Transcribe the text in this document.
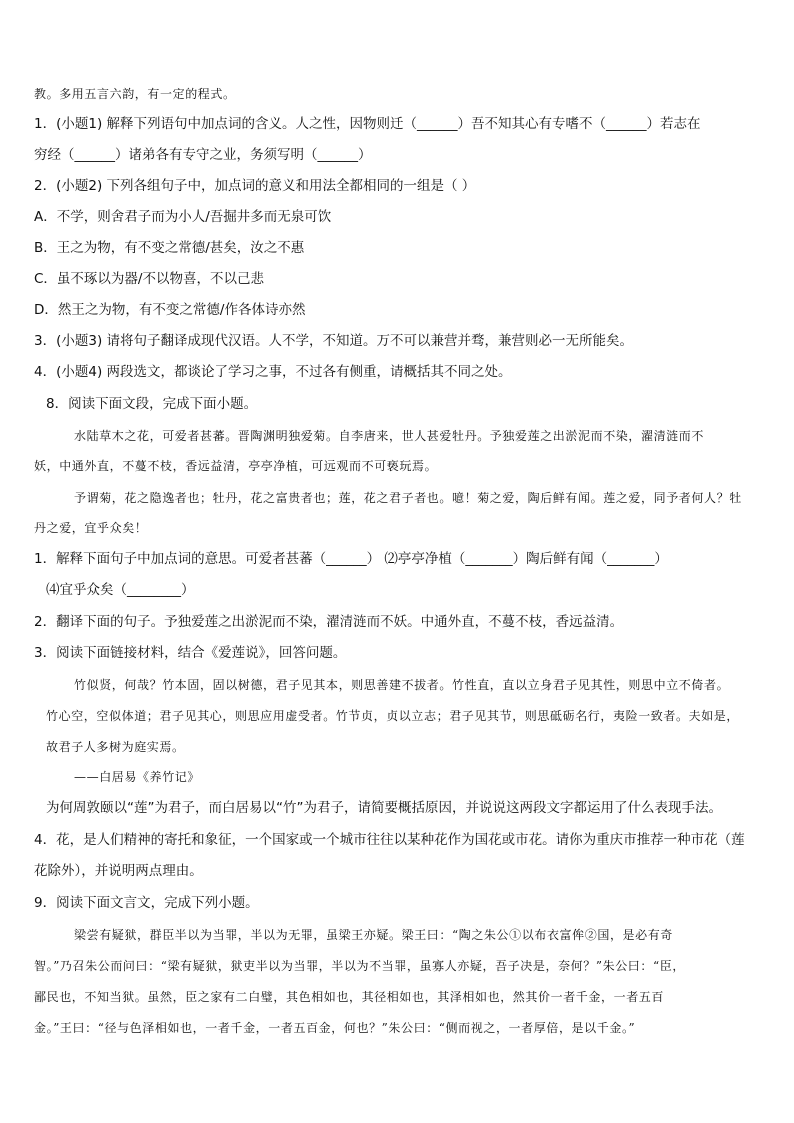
教。多用五言六韵，有一定的程式。
1．(小题1) 解释下列语句中加点词的含义。人之性，因物则迁（______）吾不知其心有专嗜不（______）若志在
穷经（______）诸弟各有专守之业，务须写明（______）
2．(小题2) 下列各组句子中，加点词的意义和用法全都相同的一组是（ ）
A．不学，则舍君子而为小人/吾掘井多而无泉可饮
B．王之为物，有不变之常德/甚矣，汝之不惠
C．虽不琢以为器/不以物喜，不以己悲
D．然王之为物，有不变之常德/作各体诗亦然
3．(小题3) 请将句子翻译成现代汉语。人不学，不知道。万不可以兼营并骛，兼营则必一无所能矣。
4．(小题4) 两段选文，都谈论了学习之事，不过各有侧重，请概括其不同之处。
8．阅读下面文段，完成下面小题。
水陆草木之花，可爱者甚蕃。晋陶渊明独爱菊。自李唐来，世人甚爱牡丹。予独爱莲之出淤泥而不染，濯清涟而不
妖，中通外直，不蔓不枝，香远益清，亭亭净植，可远观而不可亵玩焉。
予谓菊，花之隐逸者也；牡丹，花之富贵者也；莲，花之君子者也。噫！菊之爱，陶后鲜有闻。莲之爱，同予者何人？牡
丹之爱，宜乎众矣！
1．解释下面句子中加点词的意思。可爱者甚蕃（______） ⑵亭亭净植（_______）陶后鲜有闻（_______）
⑷宜乎众矣（________）
2．翻译下面的句子。予独爱莲之出淤泥而不染，濯清涟而不妖。中通外直，不蔓不枝，香远益清。
3．阅读下面链接材料，结合《爱莲说》，回答问题。
竹似贤，何哉？竹本固，固以树德，君子见其本，则思善建不拔者。竹性直，直以立身君子见其性，则思中立不倚者。
竹心空，空似体道；君子见其心，则思应用虚受者。竹节贞，贞以立志；君子见其节，则思砥砺名行，夷险一致者。夫如是，
故君子人多树为庭实焉。
——白居易《养竹记》
为何周敦颐以“莲”为君子，而白居易以“竹”为君子，请简要概括原因，并说说这两段文字都运用了什么表现手法。
4．花，是人们精神的寄托和象征，一个国家或一个城市往往以某种花作为国花或市花。请你为重庆市推荐一种市花（莲
花除外），并说明两点理由。
9．阅读下面文言文，完成下列小题。
梁尝有疑狱，群臣半以为当罪，半以为无罪，虽梁王亦疑。梁王曰：“陶之朱公①以布衣富侔②国，是必有奇
智。”乃召朱公而问曰：“梁有疑狱，狱吏半以为当罪，半以为不当罪，虽寡人亦疑，吾子决是，奈何？”朱公曰：“臣，
鄙民也，不知当狱。虽然，臣之家有二白璧，其色相如也，其径相如也，其泽相如也，然其价一者千金，一者五百
金。”王曰：“径与色泽相如也，一者千金，一者五百金，何也？”朱公曰：“侧而视之，一者厚倍，是以千金。”
